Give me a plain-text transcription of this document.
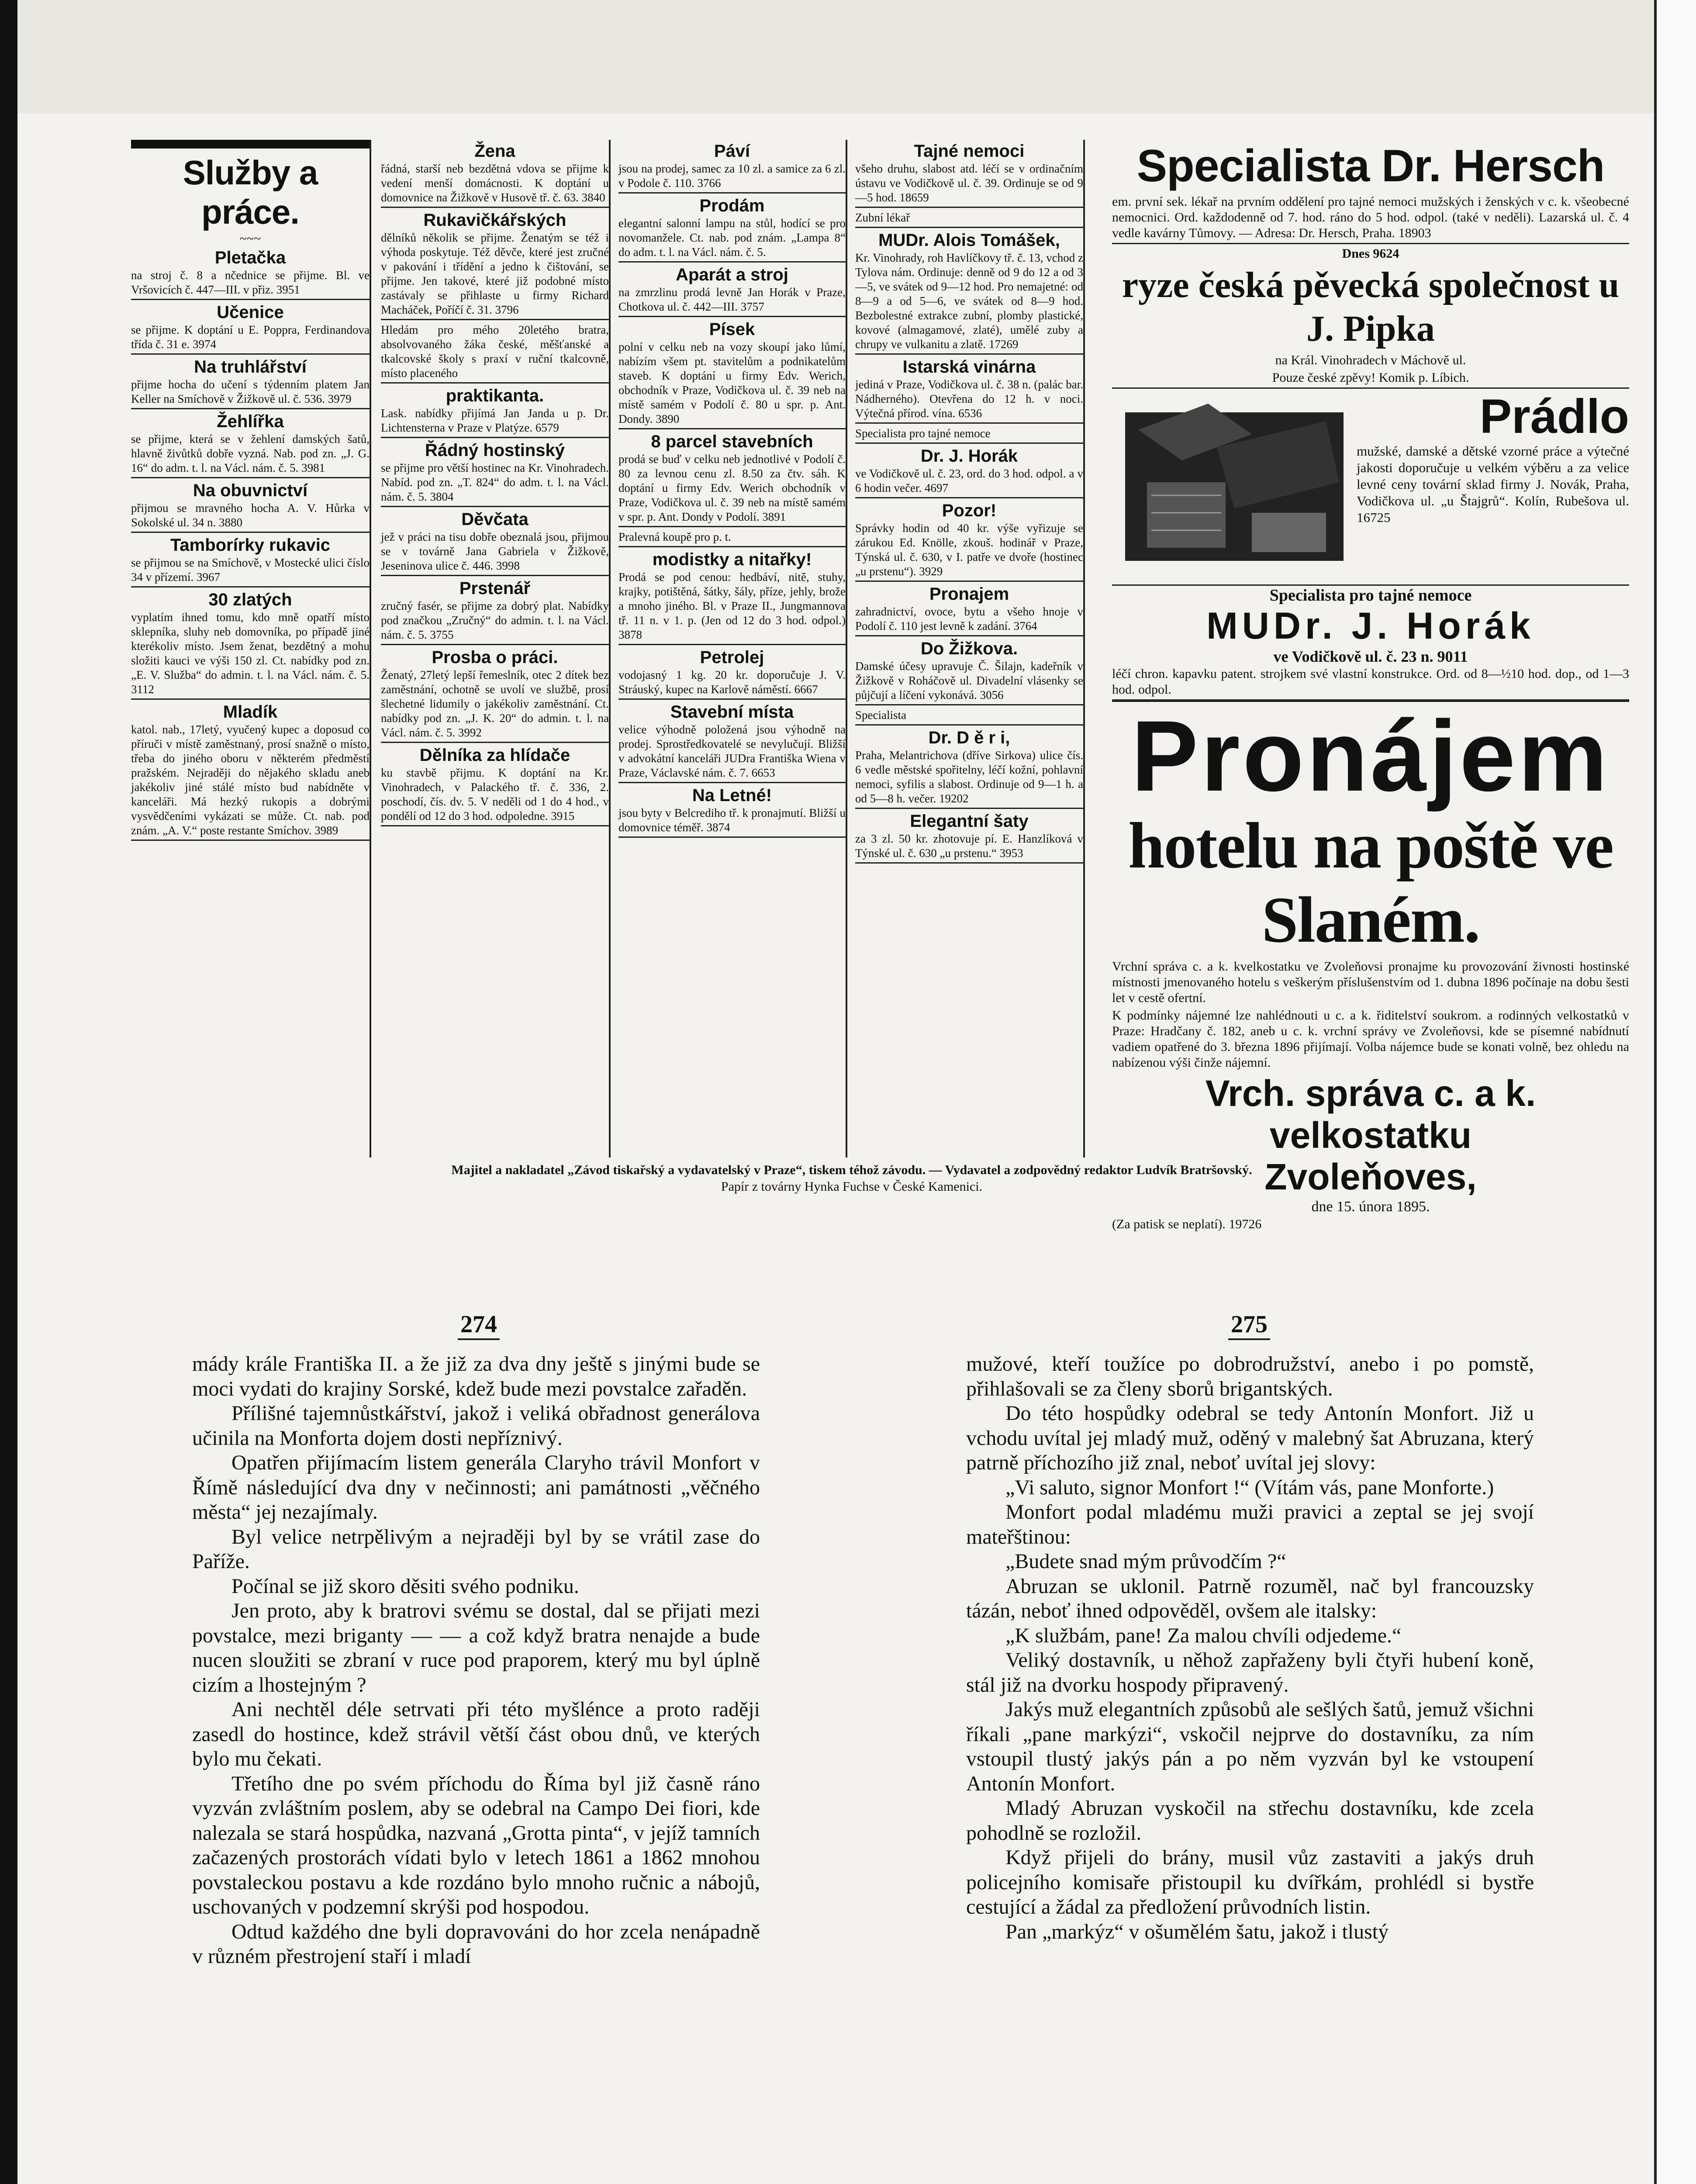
Služby a práce.
~~~
Pletačka

na stroj č. 8 a nčednice se přijme. Bl. ve Vršovicích č. 447—III. v přiz. 3951

Učenice

se přijme. K doptání u E. Poppra, Ferdinandova třída č. 31 e. 3974

Na truhlářství

přijme hocha do učení s týdenním platem Jan Keller na Smíchově v Žižkově ul. č. 536. 3979

Žehlířka

se přijme, která se v žehlení damských šatů, hlavně živůtků dobře vyzná. Nab. pod zn. „J. G. 16“ do adm. t. l. na Václ. nám. č. 5. 3981

Na obuvnictví

přijmou se mravného hocha A. V. Hůrka v Sokolské ul. 34 n. 3880

Tamborírky rukavic

se přijmou se na Smíchově, v Mostecké ulici číslo 34 v přízemí. 3967

30 zlatých

vyplatím ihned tomu, kdo mně opatří místo sklepníka, sluhy neb domovníka, po případě jiné kterékoliv místo. Jsem ženat, bezdětný a mohu složiti kauci ve výši 150 zl. Ct. nabídky pod zn. „E. V. Služba“ do admin. t. l. na Václ. nám. č. 5. 3112

Mladík

katol. nab., 17letý, vyučený kupec a doposud co příruči v místě zaměstnaný, prosí snažně o místo, třeba do jiného oboru v některém předměstí pražském. Nejraději do nějakého skladu aneb jakékoliv jiné stálé místo bud nabídněte v kanceláři. Má hezký rukopis a dobrými vysvědčeními vykázati se může. Ct. nab. pod znám. „A. V.“ poste restante Smíchov. 3989

Žena

řádná, starší neb bezdětná vdova se přijme k vedení menší domácnosti. K doptání u domovnice na Žižkově v Husově tř. č. 63. 3840

Rukavičkářských

dělníků několik se přijme. Ženatým se též i výhoda poskytuje. Též děvče, které jest zručné v pakování i třídění a jedno k čištování, se přijme. Jen takové, které již podobné místo zastávaly se přihlaste u firmy Richard Macháček, Poříčí č. 31. 3796

Hledám pro mého 20letého bratra, absolvovaného žáka české, měšťanské a tkalcovské školy s praxí v ruční tkalcovně, místo placeného

praktikanta.

Lask. nabídky přijímá Jan Janda u p. Dr. Lichtensterna v Praze v Platýze. 6579

Řádný hostinský

se přijme pro větší hostinec na Kr. Vinohradech. Nabíd. pod zn. „T. 824“ do adm. t. l. na Václ. nám. č. 5. 3804

Děvčata

jež v práci na tisu dobře obeznalá jsou, přijmou se v továrně Jana Gabriela v Žižkově, Jeseninova ulice č. 446. 3998

Prstenář

zručný fasér, se přijme za dobrý plat. Nabídky pod značkou „Zručný“ do admin. t. l. na Václ. nám. č. 5. 3755

Prosba o práci.

Ženatý, 27letý lepší řemeslník, otec 2 dítek bez zaměstnání, ochotně se uvolí ve službě, prosí šlechetné lidumily o jakékoliv zaměstnání. Ct. nabídky pod zn. „J. K. 20“ do admin. t. l. na Václ. nám. č. 5. 3992

Dělníka za hlídače

ku stavbě přijmu. K doptání na Kr. Vinohradech, v Palackého tř. č. 336, 2. poschodí, čís. dv. 5. V neděli od 1 do 4 hod., v pondělí od 12 do 3 hod. odpoledne. 3915

Páví

jsou na prodej, samec za 10 zl. a samice za 6 zl. v Podole č. 110. 3766

Prodám

elegantní salonní lampu na stůl, hodící se pro novomanžele. Ct. nab. pod znám. „Lampa 8“ do adm. t. l. na Václ. nám. č. 5.

Aparát a stroj

na zmrzlinu prodá levně Jan Horák v Praze, Chotkova ul. č. 442—III. 3757

Písek

polní v celku neb na vozy skoupí jako lůmí, nabízím všem pt. stavitelům a podnikatelům staveb. K doptání u firmy Edv. Werich, obchodník v Praze, Vodičkova ul. č. 39 neb na místě samém v Podolí č. 80 u spr. p. Ant. Dondy. 3890

8 parcel stavebních

prodá se buď v celku neb jednotlivé v Podolí č. 80 za levnou cenu zl. 8.50 za čtv. sáh. K doptání u firmy Edv. Werich obchodník v Praze, Vodičkova ul. č. 39 neb na místě samém v spr. p. Ant. Dondy v Podolí. 3891

Pralevná koupě pro p. t.

modistky a nitařky!

Prodá se pod cenou: hedbáví, nitě, stuhy, krajky, potištěná, šátky, šály, příze, jehly, brože a mnoho jiného. Bl. v Praze II., Jungmannova tř. 11 n. v 1. p. (Jen od 12 do 3 hod. odpol.) 3878

Petrolej

vodojasný 1 kg. 20 kr. doporučuje J. V. Stráuský, kupec na Karlově náměstí. 6667

Stavební místa

velice výhodně položená jsou výhodně na prodej. Sprostředkovatelé se nevylučují. Bližší v advokátní kanceláři JUDra Františka Wiena v Praze, Václavské nám. č. 7. 6653

Na Letné!

jsou byty v Belcrediho tř. k pronajmutí. Bližší u domovnice téměř. 3874

Tajné nemoci

všeho druhu, slabost atd. léčí se v ordinačním ústavu ve Vodičkově ul. č. 39. Ordinuje se od 9—5 hod. 18659

Zubní lékař

MUDr. Alois Tomášek,

Kr. Vinohrady, roh Havlíčkovy tř. č. 13, vchod z Tylova nám. Ordinuje: denně od 9 do 12 a od 3—5, ve svátek od 9—12 hod. Pro nemajetné: od 8—9 a od 5—6, ve svátek od 8—9 hod. Bezbolestné extrakce zubní, plomby plastické, kovové (almagamové, zlaté), umělé zuby a chrupy ve vulkanitu a zlatě. 17269

Istarská vinárna

jediná v Praze, Vodičkova ul. č. 38 n. (palác bar. Nádherného). Otevřena do 12 h. v noci. Výtečná přírod. vína. 6536

Specialista pro tajné nemoce

Dr. J. Horák

ve Vodičkově ul. č. 23, ord. do 3 hod. odpol. a v 6 hodin večer. 4697

Pozor!

Správky hodin od 40 kr. výše vyřizuje se zárukou Ed. Knölle, zkouš. hodinář v Praze, Týnská ul. č. 630, v I. patře ve dvoře (hostinec „u prstenu“). 3929

Pronajem

zahradnictví, ovoce, bytu a všeho hnoje v Podolí č. 110 jest levně k zadání. 3764

Do Žižkova.

Damské účesy upravuje Č. Šilajn, kadeřník v Žižkově v Roháčově ul. Divadelní vlásenky se půjčují a líčení vykonává. 3056

Specialista

Dr. D ě r i,

Praha, Melantrichova (dříve Sirkova) ulice čís. 6 vedle městské spořitelny, léčí kožní, pohlavní nemoci, syfilis a slabost. Ordinuje od 9—1 h. a od 5—8 h. večer. 19202

Elegantní šaty

za 3 zl. 50 kr. zhotovuje pí. E. Hanzlíková v Týnské ul. č. 630 „u prstenu.“ 3953

Specialista Dr. Hersch

em. první sek. lékař na prvním oddělení pro tajné nemoci mužských i ženských v c. k. všeobecné nemocnici. Ord. každodenně od 7. hod. ráno do 5 hod. odpol. (také v neděli). Lazarská ul. č. 4 vedle kavárny Tůmovy. — Adresa: Dr. Hersch, Praha. 18903

Dnes 9624

ryze česká pěvecká společnost u J. Pipka

na Král. Vinohradech v Máchově ul.

Pouze české zpěvy! Komik p. Líbich.

Prádlo

mužské, damské a dětské vzorné práce a výtečné jakosti doporučuje u velkém výběru a za velice levné ceny tovární sklad firmy J. Novák, Praha, Vodičkova ul. „u Štajgrů“. Kolín, Rubešova ul. 16725

Specialista pro tajné nemoce

MUDr. J. Horák

ve Vodičkově ul. č. 23 n. 9011

léčí chron. kapavku patent. strojkem své vlastní konstrukce. Ord. od 8—½10 hod. dop., od 1—3 hod. odpol.

Pronájem
hotelu na poště ve Slaném.

Vrchní správa c. a k. kvelkostatku ve Zvoleňovsi pronajme ku provozování živnosti hostinské místnosti jmenovaného hotelu s veškerým příslušenstvím od 1. dubna 1896 počínaje na dobu šesti let v cestě ofertní.

K podmínky nájemné lze nahlédnouti u c. a k. řiditelství soukrom. a rodinných velkostatků v Praze: Hradčany č. 182, aneb u c. k. vrchní správy ve Zvoleňovsi, kde se písemné nabídnutí vadiem opatřené do 3. března 1896 přijímají. Volba nájemce bude se konati volně, bez ohledu na nabízenou výši činže nájemní.

Vrch. správa c. a k. velkostatku
Zvoleňoves,

dne 15. února 1895.

(Za patisk se neplatí). 19726

Majitel a nakladatel „Závod tiskařský a vydavatelský v Praze“, tiskem téhož závodu. — Vydavatel a zodpovědný redaktor Ludvík Bratršovský.
Papír z továrny Hynka Fuchse v České Kamenici.
274	275

mády krále Františka II. a že již za dva dny ještě s jinými bude se moci vydati do krajiny Sorské, kdež bude mezi povstalce zařaděn.

Přílišné tajemnůstkářství, jakož i veliká obřadnost generálova učinila na Monforta dojem dosti nepříznivý.

Opatřen přijímacím listem generála Claryho trávil Monfort v Římě následující dva dny v nečinnosti; ani památnosti „věčného města“ jej nezajímaly.

Byl velice netrpělivým a nejraději byl by se vrátil zase do Paříže.

Počínal se již skoro děsiti svého podniku.

Jen proto, aby k bratrovi svému se dostal, dal se přijati mezi povstalce, mezi briganty — — a což když bratra nenajde a bude nucen sloužiti se zbraní v ruce pod praporem, který mu byl úplně cizím a lhostejným ?

Ani nechtěl déle setrvati při této myšlénce a proto raději zasedl do hostince, kdež strávil větší část obou dnů, ve kterých bylo mu čekati.

Třetího dne po svém příchodu do Říma byl již časně ráno vyzván zvláštním poslem, aby se odebral na Campo Dei fiori, kde nalezala se stará hospůdka, nazvaná „Grotta pinta“, v jejíž tamních začazených prostorách vídati bylo v letech 1861 a 1862 mnohou povstaleckou postavu a kde rozdáno bylo mnoho ručnic a nábojů, uschovaných v podzemní skrýši pod hospodou.

Odtud každého dne byli dopravováni do hor zcela nenápadně v různém přestrojení staří i mladí

mužové, kteří toužíce po dobrodružství, anebo i po pomstě, přihlašovali se za členy sborů brigantských.

Do této hospůdky odebral se tedy Antonín Monfort. Již u vchodu uvítal jej mladý muž, oděný v malebný šat Abruzana, který patrně příchozího již znal, neboť uvítal jej slovy:

„Vi saluto, signor Monfort !“ (Vítám vás, pane Monforte.)

Monfort podal mladému muži pravici a zeptal se jej svojí mateřštinou:

„Budete snad mým průvodčím ?“

Abruzan se uklonil. Patrně rozuměl, nač byl francouzsky tázán, neboť ihned odpověděl, ovšem ale italsky:

„K službám, pane! Za malou chvíli odjedeme.“

Veliký dostavník, u něhož zapřaženy byli čtyři hubení koně, stál již na dvorku hospody připravený.

Jakýs muž elegantních způsobů ale sešlých šatů, jemuž všichni říkali „pane markýzi“, vskočil nejprve do dostavníku, za ním vstoupil tlustý jakýs pán a po něm vyzván byl ke vstoupení Antonín Monfort.

Mladý Abruzan vyskočil na střechu dostavníku, kde zcela pohodlně se rozložil.

Když přijeli do brány, musil vůz zastaviti a jakýs druh policejního komisaře přistoupil ku dvířkám, prohlédl si bystře cestující a žádal za předložení průvodních listin.

Pan „markýz“ v ošumělém šatu, jakož i tlustý
